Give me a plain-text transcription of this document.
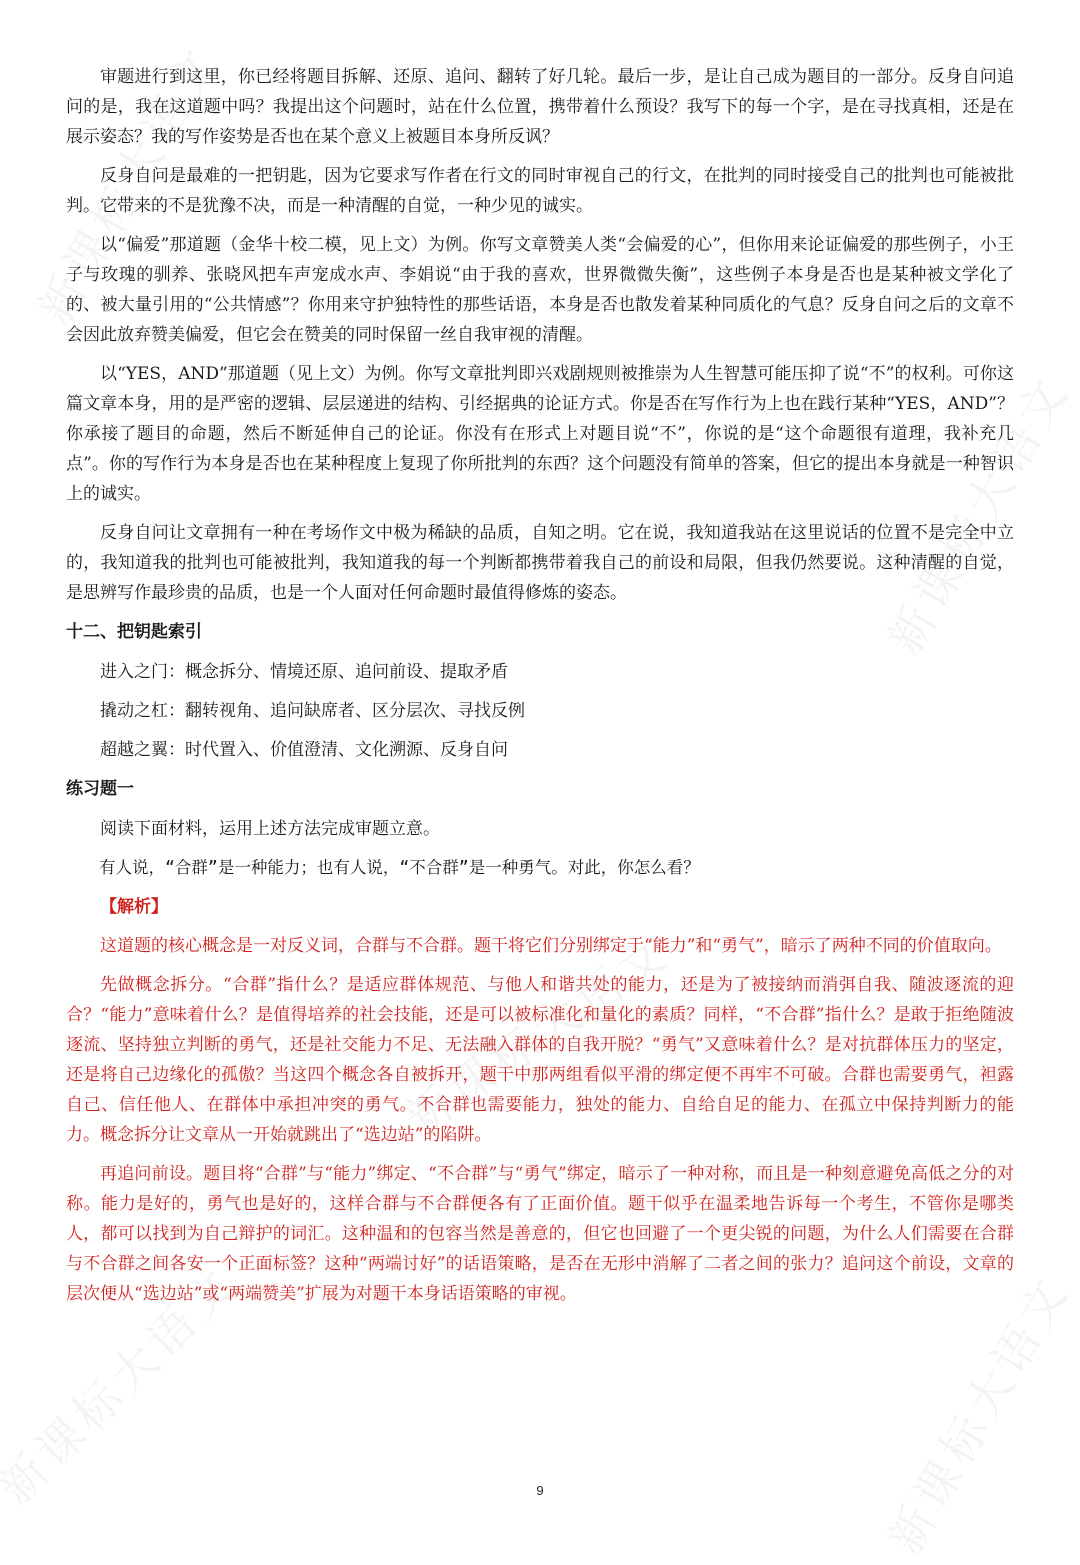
审题进行到这里，你已经将题目拆解、还原、追问、翻转了好几轮。最后一步，是让自己成为题目的一部分。反身自问追问的是，我在这道题中吗？我提出这个问题时，站在什么位置，携带着什么预设？我写下的每一个字，是在寻找真相，还是在展示姿态？我的写作姿势是否也在某个意义上被题目本身所反讽？

反身自问是最难的一把钥匙，因为它要求写作者在行文的同时审视自己的行文，在批判的同时接受自己的批判也可能被批判。它带来的不是犹豫不决，而是一种清醒的自觉，一种少见的诚实。

以“偏爱”那道题（金华十校二模，见上文）为例。你写文章赞美人类“会偏爱的心”，但你用来论证偏爱的那些例子，小王子与玫瑰的驯养、张晓风把车声宠成水声、李娟说“由于我的喜欢，世界微微失衡”，这些例子本身是否也是某种被文学化了的、被大量引用的“公共情感”？你用来守护独特性的那些话语，本身是否也散发着某种同质化的气息？反身自问之后的文章不会因此放弃赞美偏爱，但它会在赞美的同时保留一丝自我审视的清醒。

以“YES，AND”那道题（见上文）为例。你写文章批判即兴戏剧规则被推崇为人生智慧可能压抑了说“不”的权利。可你这篇文章本身，用的是严密的逻辑、层层递进的结构、引经据典的论证方式。你是否在写作行为上也在践行某种“YES，AND”？你承接了题目的命题，然后不断延伸自己的论证。你没有在形式上对题目说“不”，你说的是“这个命题很有道理，我补充几点”。你的写作行为本身是否也在某种程度上复现了你所批判的东西？这个问题没有简单的答案，但它的提出本身就是一种智识上的诚实。

反身自问让文章拥有一种在考场作文中极为稀缺的品质，自知之明。它在说，我知道我站在这里说话的位置不是完全中立的，我知道我的批判也可能被批判，我知道我的每一个判断都携带着我自己的前设和局限，但我仍然要说。这种清醒的自觉，是思辨写作最珍贵的品质，也是一个人面对任何命题时最值得修炼的姿态。

十二、把钥匙索引

进入之门：概念拆分、情境还原、追问前设、提取矛盾

撬动之杠：翻转视角、追问缺席者、区分层次、寻找反例

超越之翼：时代置入、价值澄清、文化溯源、反身自问

练习题一

阅读下面材料，运用上述方法完成审题立意。

有人说，“合群”是一种能力；也有人说，“不合群”是一种勇气。对此，你怎么看？

【解析】

这道题的核心概念是一对反义词，合群与不合群。题干将它们分别绑定于“能力”和“勇气”，暗示了两种不同的价值取向。

先做概念拆分。“合群”指什么？是适应群体规范、与他人和谐共处的能力，还是为了被接纳而消弭自我、随波逐流的迎合？“能力”意味着什么？是值得培养的社会技能，还是可以被标准化和量化的素质？同样，“不合群”指什么？是敢于拒绝随波逐流、坚持独立判断的勇气，还是社交能力不足、无法融入群体的自我开脱？“勇气”又意味着什么？是对抗群体压力的坚定，还是将自己边缘化的孤傲？当这四个概念各自被拆开，题干中那两组看似平滑的绑定便不再牢不可破。合群也需要勇气，袒露自己、信任他人、在群体中承担冲突的勇气。不合群也需要能力，独处的能力、自给自足的能力、在孤立中保持判断力的能力。概念拆分让文章从一开始就跳出了“选边站”的陷阱。

再追问前设。题目将“合群”与“能力”绑定、“不合群”与“勇气”绑定，暗示了一种对称，而且是一种刻意避免高低之分的对称。能力是好的，勇气也是好的，这样合群与不合群便各有了正面价值。题干似乎在温柔地告诉每一个考生，不管你是哪类人，都可以找到为自己辩护的词汇。这种温和的包容当然是善意的，但它也回避了一个更尖锐的问题，为什么人们需要在合群与不合群之间各安一个正面标签？这种“两端讨好”的话语策略，是否在无形中消解了二者之间的张力？追问这个前设，文章的层次便从“选边站”或“两端赞美”扩展为对题干本身话语策略的审视。

9
